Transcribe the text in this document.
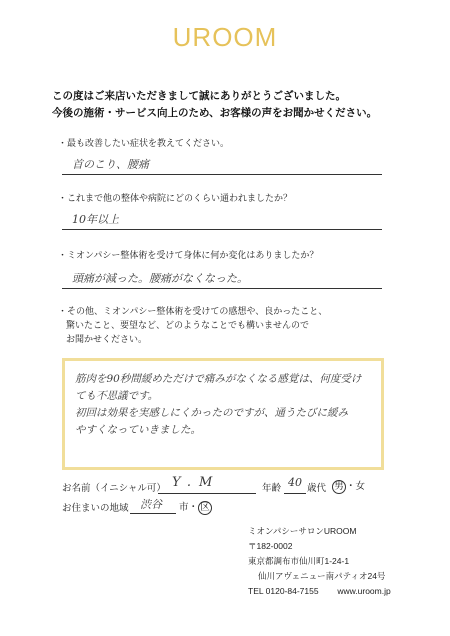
UROOM
この度はご来店いただきまして誠にありがとうございました。
今後の施術・サービス向上のため、お客様の声をお聞かせください。
・最も改善したい症状を教えてください。
首のこり、腰痛
・これまで他の整体や病院にどのくらい通われましたか？
10年以上
・ミオンパシー整体術を受けて身体に何か変化はありましたか？
頭痛が減った。腰痛がなくなった。
・その他、ミオンパシー整体術を受けての感想や、良かったこと、
驚いたこと、要望など、どのようなことでも構いませんので
お聞かせください。
筋肉を90秒間緩めただけで痛みがなくなる感覚は、何度受け
ても不思議です。
初回は効果を実感しにくかったのですが、通うたびに緩み
やすくなっていきました。
お名前（イニシャル可） Y.M	年齢 40 歳代 男 ・女
お住まいの地域 渋谷 市・ 区
ミオンパシーサロンUROOM
〒182-0002
東京都調布市仙川町1-24-1
仙川アヴェニュー南パティオ24号
TEL 0120-84-7155 www.uroom.jp
